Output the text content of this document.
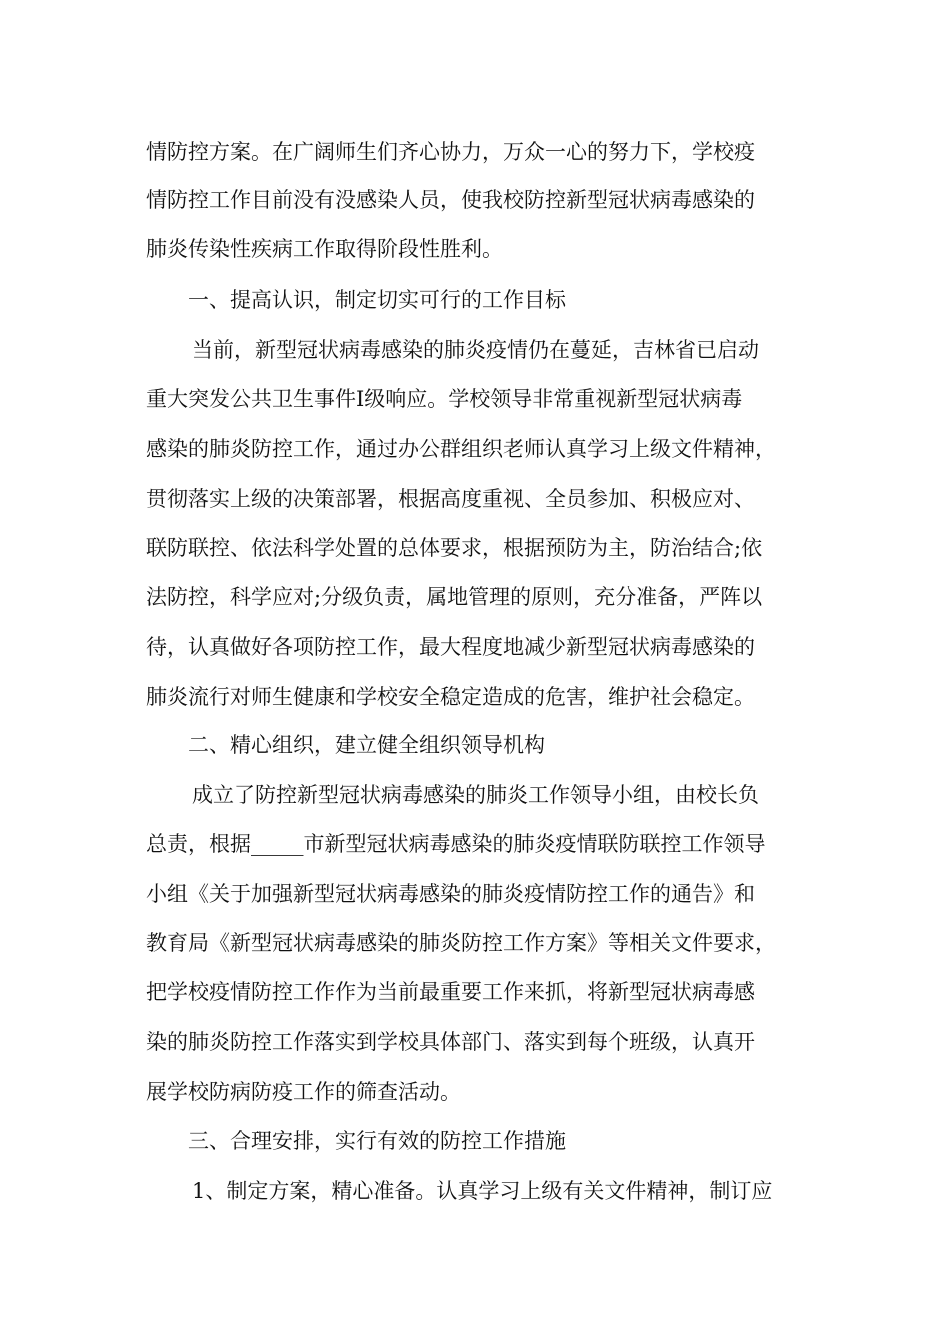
情防控方案。在广阔师生们齐心协力，万众一心的努力下，学校疫
情防控工作目前没有没感染人员，使我校防控新型冠状病毒感染的
肺炎传染性疾病工作取得阶段性胜利。
一、提高认识，制定切实可行的工作目标
当前，新型冠状病毒感染的肺炎疫情仍在蔓延，吉林省已启动
重大突发公共卫生事件Ⅰ级响应。学校领导非常重视新型冠状病毒
感染的肺炎防控工作，通过办公群组织老师认真学习上级文件精神，
贯彻落实上级的决策部署，根据高度重视、全员参加、积极应对、
联防联控、依法科学处置的总体要求，根据预防为主，防治结合;依
法防控，科学应对;分级负责，属地管理的原则，充分准备，严阵以
待，认真做好各项防控工作，最大程度地减少新型冠状病毒感染的
肺炎流行对师生健康和学校安全稳定造成的危害，维护社会稳定。
二、精心组织，建立健全组织领导机构
成立了防控新型冠状病毒感染的肺炎工作领导小组，由校长负
总责，根据_____市新型冠状病毒感染的肺炎疫情联防联控工作领导
小组《关于加强新型冠状病毒感染的肺炎疫情防控工作的通告》和
教育局《新型冠状病毒感染的肺炎防控工作方案》等相关文件要求，
把学校疫情防控工作作为当前最重要工作来抓，将新型冠状病毒感
染的肺炎防控工作落实到学校具体部门、落实到每个班级，认真开
展学校防病防疫工作的筛查活动。
三、合理安排，实行有效的防控工作措施
1、制定方案，精心准备。认真学习上级有关文件精神，制订应
